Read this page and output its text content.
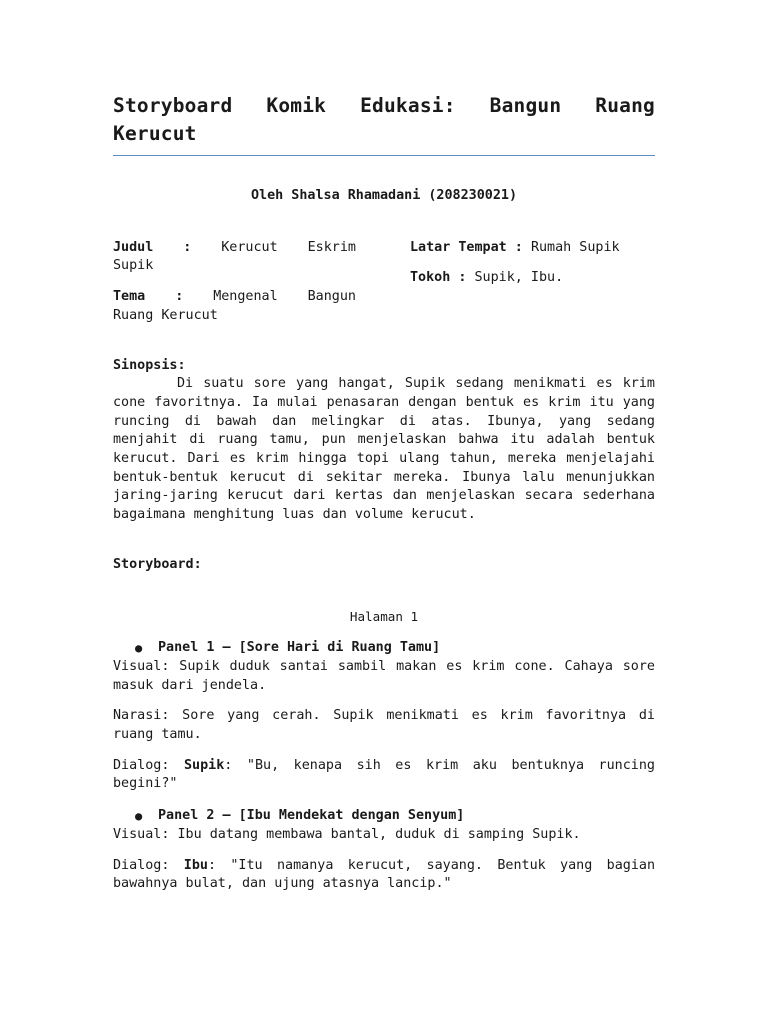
Storyboard Komik Edukasi: Bangun Ruang Kerucut
Oleh Shalsa Rhamadani (208230021)
Judul : Kerucut Eskrim
Supik
Tema : Mengenal Bangun
Ruang Kerucut
Latar Tempat : Rumah Supik
Tokoh : Supik, Ibu.
Sinopsis:
Di suatu sore yang hangat, Supik sedang menikmati es krim cone favoritnya. Ia mulai penasaran dengan bentuk es krim itu yang runcing di bawah dan melingkar di atas. Ibunya, yang sedang menjahit di ruang tamu, pun menjelaskan bahwa itu adalah bentuk kerucut. Dari es krim hingga topi ulang tahun, mereka menjelajahi bentuk-bentuk kerucut di sekitar mereka. Ibunya lalu menunjukkan jaring-jaring kerucut dari kertas dan menjelaskan secara sederhana bagaimana menghitung luas dan volume kerucut.
Storyboard:
Halaman 1
● Panel 1 – [Sore Hari di Ruang Tamu]
Visual: Supik duduk santai sambil makan es krim cone. Cahaya sore masuk dari jendela.
Narasi: Sore yang cerah. Supik menikmati es krim favoritnya di ruang tamu.
Dialog: Supik: "Bu, kenapa sih es krim aku bentuknya runcing begini?"
● Panel 2 – [Ibu Mendekat dengan Senyum]
Visual: Ibu datang membawa bantal, duduk di samping Supik.
Dialog: Ibu: "Itu namanya kerucut, sayang. Bentuk yang bagian bawahnya bulat, dan ujung atasnya lancip."
